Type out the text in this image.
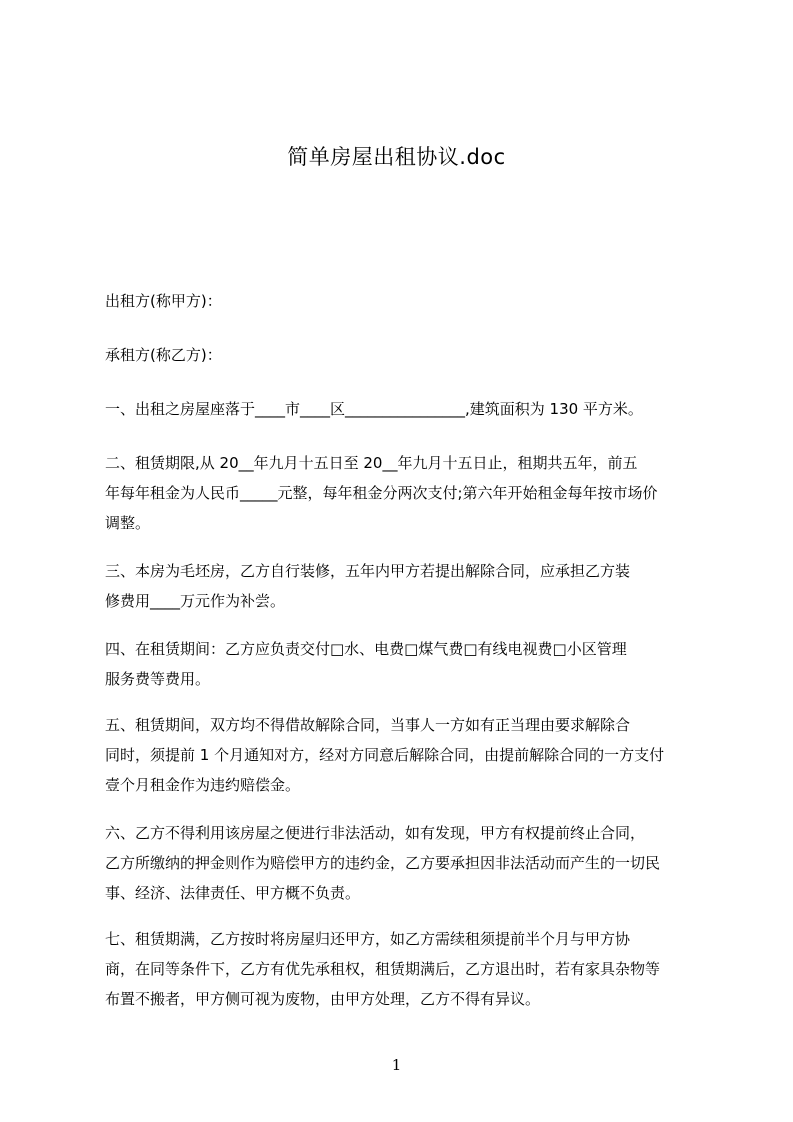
简单房屋出租协议.doc
出租方(称甲方)：
承租方(称乙方)：
一、出租之房屋座落于____市____区________________,建筑面积为 130 平方米。
二、租赁期限,从 20__年九月十五日至 20__年九月十五日止，租期共五年，前五
年每年租金为人民币_____元整，每年租金分两次支付;第六年开始租金每年按市场价
调整。
三、本房为毛坯房，乙方自行装修，五年内甲方若提出解除合同，应承担乙方装
修费用____万元作为补尝。
四、在租赁期间：乙方应负责交付□水、电费□煤气费□有线电视费□小区管理
服务费等费用。
五、租赁期间，双方均不得借故解除合同，当事人一方如有正当理由要求解除合
同时，须提前 1 个月通知对方，经对方同意后解除合同，由提前解除合同的一方支付
壹个月租金作为违约赔偿金。
六、乙方不得利用该房屋之便进行非法活动，如有发现，甲方有权提前终止合同，
乙方所缴纳的押金则作为赔偿甲方的违约金，乙方要承担因非法活动而产生的一切民
事、经济、法律责任、甲方概不负责。
七、租赁期满，乙方按时将房屋归还甲方，如乙方需续租须提前半个月与甲方协
商，在同等条件下，乙方有优先承租权，租赁期满后，乙方退出时，若有家具杂物等
布置不搬者，甲方侧可视为废物，由甲方处理，乙方不得有异议。
1
